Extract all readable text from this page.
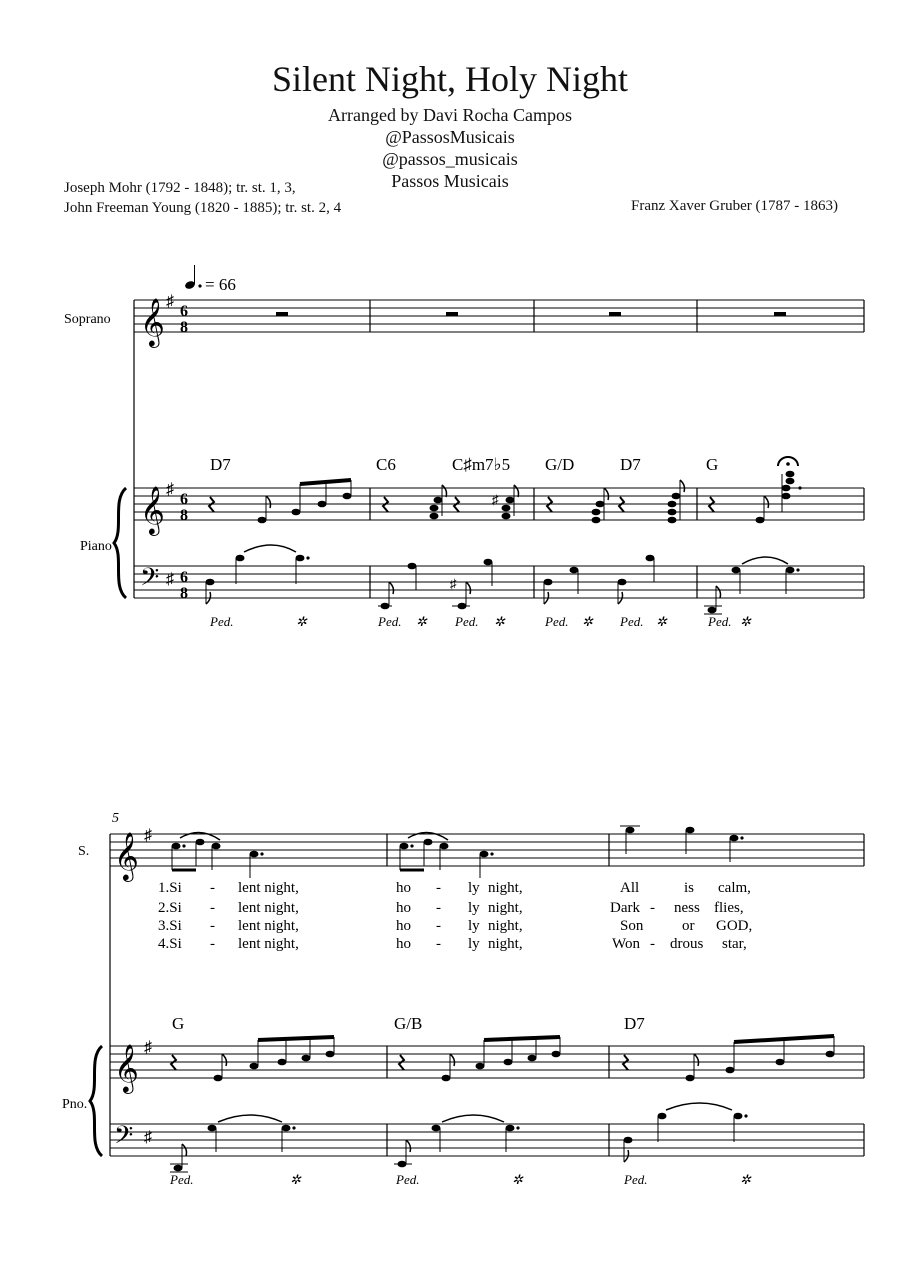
Silent Night, Holy Night
Arranged by Davi Rocha Campos
@PassosMusicais
@passos_musicais
Passos Musicais
Joseph Mohr (1792 - 1848); tr. st. 1, 3,
John Freeman Young (1820 - 1885); tr. st. 2, 4	Franz Xaver Gruber (1787 - 1863)
= 66
Soprano 𝄞 ♯
6
8
D7	C6	C♯m7♭5 G/D	D7	G
Piano
𝄞 ♯
6
8
♯
𝄢 ♯ 6
8
♯
Ped.	✲	Ped. ✲ Ped. ✲	Ped. ✲ Ped. ✲	Ped. ✲
5
S. 𝄞 ♯
1.Si - lent night,	ho - ly night,	All	is calm,
2.Si - lent night,	ho - ly night,	Dark - ness flies,
3.Si - lent night,	ho - ly night,	Son	or GOD,
4.Si - lent night,	ho - ly night,	Won - drous star,
G	G/B	D7
Pno.
𝄞 ♯
𝄢 ♯
Ped.	✲	Ped.	✲	Ped.	✲
